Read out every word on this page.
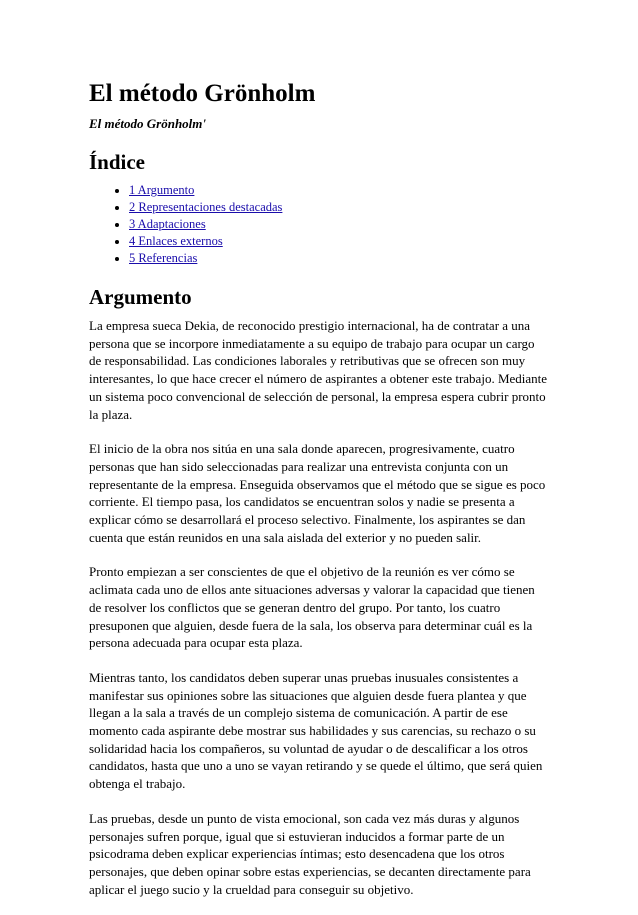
El método Grönholm
El método Grönholm'
Índice
• 1 Argumento
• 2 Representaciones destacadas
• 3 Adaptaciones
• 4 Enlaces externos
• 5 Referencias
Argumento

La empresa sueca Dekia, de reconocido prestigio internacional, ha de contratar a una persona que se incorpore inmediatamente a su equipo de trabajo para ocupar un cargo de responsabilidad. Las condiciones laborales y retributivas que se ofrecen son muy interesantes, lo que hace crecer el número de aspirantes a obtener este trabajo. Mediante un sistema poco convencional de selección de personal, la empresa espera cubrir pronto la plaza.

El inicio de la obra nos sitúa en una sala donde aparecen, progresivamente, cuatro personas que han sido seleccionadas para realizar una entrevista conjunta con un representante de la empresa. Enseguida observamos que el método que se sigue es poco corriente. El tiempo pasa, los candidatos se encuentran solos y nadie se presenta a explicar cómo se desarrollará el proceso selectivo. Finalmente, los aspirantes se dan cuenta que están reunidos en una sala aislada del exterior y no pueden salir.

Pronto empiezan a ser conscientes de que el objetivo de la reunión es ver cómo se aclimata cada uno de ellos ante situaciones adversas y valorar la capacidad que tienen de resolver los conflictos que se generan dentro del grupo. Por tanto, los cuatro presuponen que alguien, desde fuera de la sala, los observa para determinar cuál es la persona adecuada para ocupar esta plaza.

Mientras tanto, los candidatos deben superar unas pruebas inusuales consistentes a manifestar sus opiniones sobre las situaciones que alguien desde fuera plantea y que llegan a la sala a través de un complejo sistema de comunicación. A partir de ese momento cada aspirante debe mostrar sus habilidades y sus carencias, su rechazo o su solidaridad hacia los compañeros, su voluntad de ayudar o de descalificar a los otros candidatos, hasta que uno a uno se vayan retirando y se quede el último, que será quien obtenga el trabajo.

Las pruebas, desde un punto de vista emocional, son cada vez más duras y algunos personajes sufren porque, igual que si estuvieran inducidos a formar parte de un psicodrama deben explicar experiencias íntimas; esto desencadena que los otros personajes, que deben opinar sobre estas experiencias, se decanten directamente para aplicar el juego sucio y la crueldad para conseguir su objetivo.
